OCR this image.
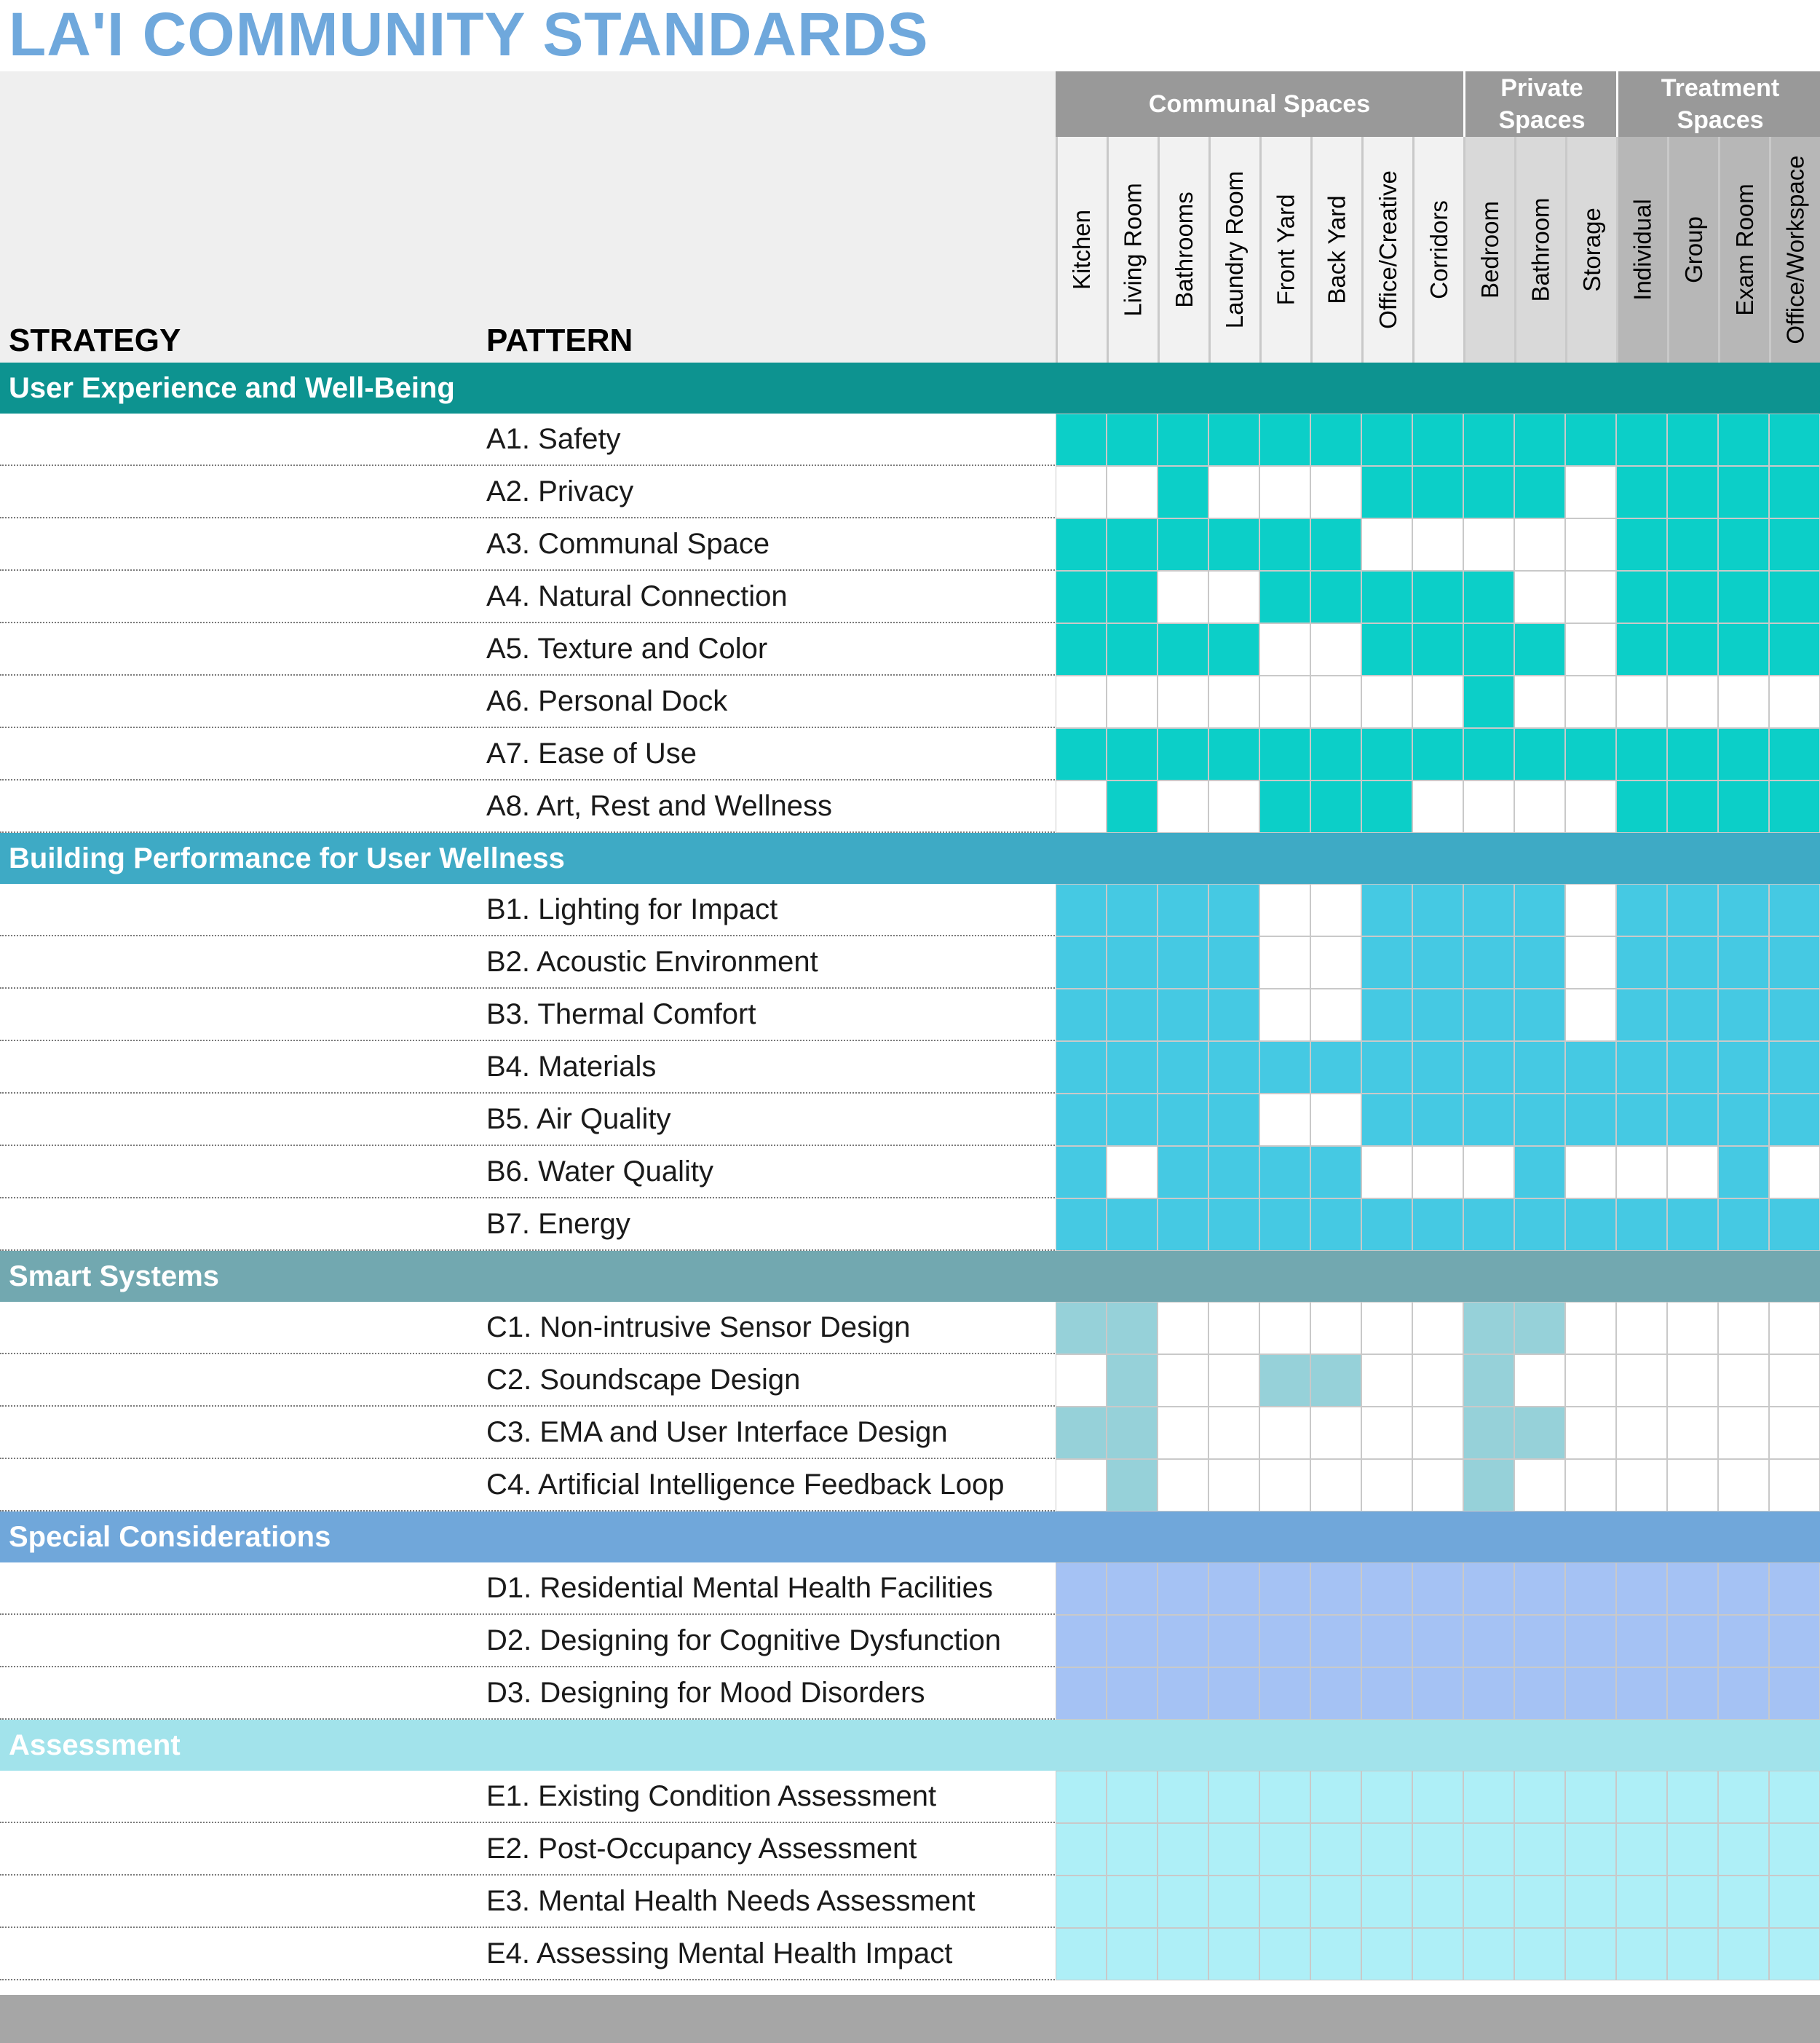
LA'I COMMUNITY STANDARDS
STRATEGY	PATTERN
Communal Spaces
Private
Spaces
Treatment
Spaces
Kitchen Living Room Bathrooms Laundry Room Front Yard Back Yard Office/Creative Corridors Bedroom Bathroom Storage Individual Group Exam Room Office/Workspace
User Experience and Well-Being
A1. Safety
A2. Privacy
A3. Communal Space
A4. Natural Connection
A5. Texture and Color
A6. Personal Dock
A7. Ease of Use
A8. Art, Rest and Wellness
Building Performance for User Wellness
B1. Lighting for Impact
B2. Acoustic Environment
B3. Thermal Comfort
B4. Materials
B5. Air Quality
B6. Water Quality
B7. Energy
Smart Systems
C1. Non-intrusive Sensor Design
C2. Soundscape Design
C3. EMA and User Interface Design
C4. Artificial Intelligence Feedback Loop
Special Considerations
D1. Residential Mental Health Facilities
D2. Designing for Cognitive Dysfunction
D3. Designing for Mood Disorders
Assessment
E1. Existing Condition Assessment
E2. Post-Occupancy Assessment
E3. Mental Health Needs Assessment
E4. Assessing Mental Health Impact
